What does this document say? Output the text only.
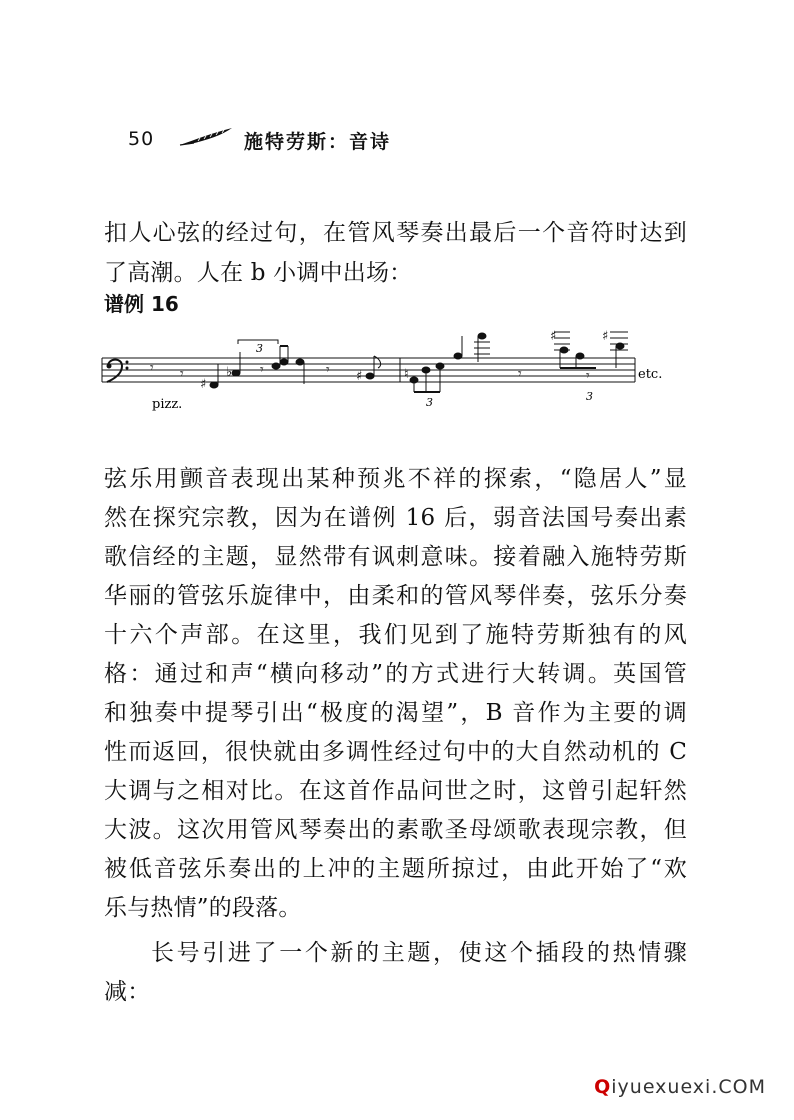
50	施特劳斯：音诗
扣人心弦的经过句，在管风琴奏出最后一个音符时达到
了高潮。人在 b 小调中出场：
谱例 16
𝄾 𝄾
♯
♭ 𝄾	𝄾 ♯	♮	𝄾
♯
𝄾
♯
pizz.
3
3	3
etc.
弦乐用颤音表现出某种预兆不祥的探索，“隐居人”显
然在探究宗教，因为在谱例 16 后，弱音法国号奏出素
歌信经的主题，显然带有讽刺意味。接着融入施特劳斯
华丽的管弦乐旋律中，由柔和的管风琴伴奏，弦乐分奏
十六个声部。在这里，我们见到了施特劳斯独有的风
格：通过和声“横向移动”的方式进行大转调。英国管
和独奏中提琴引出“极度的渴望”，B 音作为主要的调
性而返回，很快就由多调性经过句中的大自然动机的 C
大调与之相对比。在这首作品问世之时，这曾引起轩然
大波。这次用管风琴奏出的素歌圣母颂歌表现宗教，但
被低音弦乐奏出的上冲的主题所掠过，由此开始了“欢
乐与热情”的段落。
长号引进了一个新的主题，使这个插段的热情骤
减：
Qiyuexuexi.COM
